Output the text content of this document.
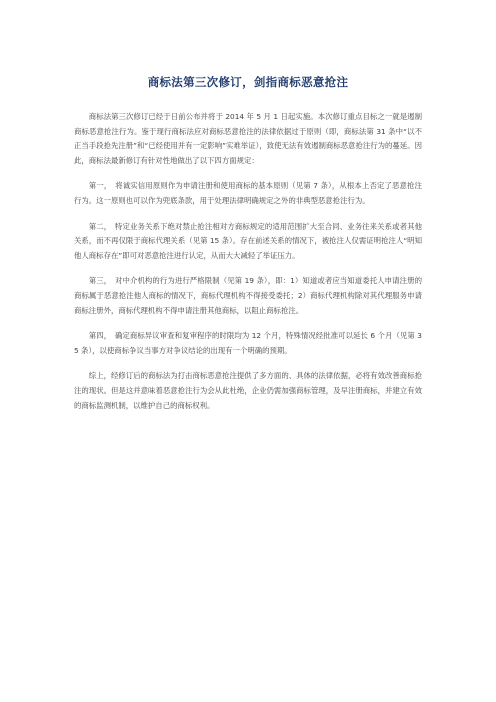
商标法第三次修订，剑指商标恶意抢注

商标法第三次修订已经于日前公布并将于 2014 年 5 月 1 日起实施。本次修订重点目标之一就是遏制商标恶意抢注行为。鉴于现行商标法应对商标恶意抢注的法律依据过于原则（即，商标法第 31 条中“以不正当手段抢先注册”和“已经使用并有一定影响”实难举证），致使无法有效遏制商标恶意抢注行为的蔓延。因此，商标法最新修订有针对性地做出了以下四方面规定：

第一，　将诚实信用原则作为申请注册和使用商标的基本原则（见第 7 条），从根本上否定了恶意抢注行为。这一原则也可以作为兜底条款，用于处理法律明确规定之外的非典型恶意抢注行为。

第二，　特定业务关系下绝对禁止抢注相对方商标规定的适用范围扩大至合同、业务往来关系或者其他关系，而不再仅限于商标代理关系（见第 15 条）。存在前述关系的情况下，被抢注人仅需证明抢注人“明知他人商标存在”即可对恶意抢注进行认定，从而大大减轻了举证压力。

第三，　对中介机构的行为进行严格限制（见第 19 条），即：1）知道或者应当知道委托人申请注册的商标属于恶意抢注他人商标的情况下，商标代理机构不得接受委托；2）商标代理机构除对其代理服务申请商标注册外，商标代理机构不得申请注册其他商标，以阻止商标抢注。

第四，　确定商标异议审查和复审程序的时限均为 12 个月，特殊情况经批准可以延长 6 个月（见第 35 条），以使商标争议当事方对争议结论的出现有一个明确的预期。

综上，经修订后的商标法为打击商标恶意抢注提供了多方面的、具体的法律依据，必将有效改善商标抢注的现状。但是这并意味着恶意抢注行为会从此杜绝，企业仍需加强商标管理，及早注册商标，并建立有效的商标监测机制，以维护自己的商标权利。
